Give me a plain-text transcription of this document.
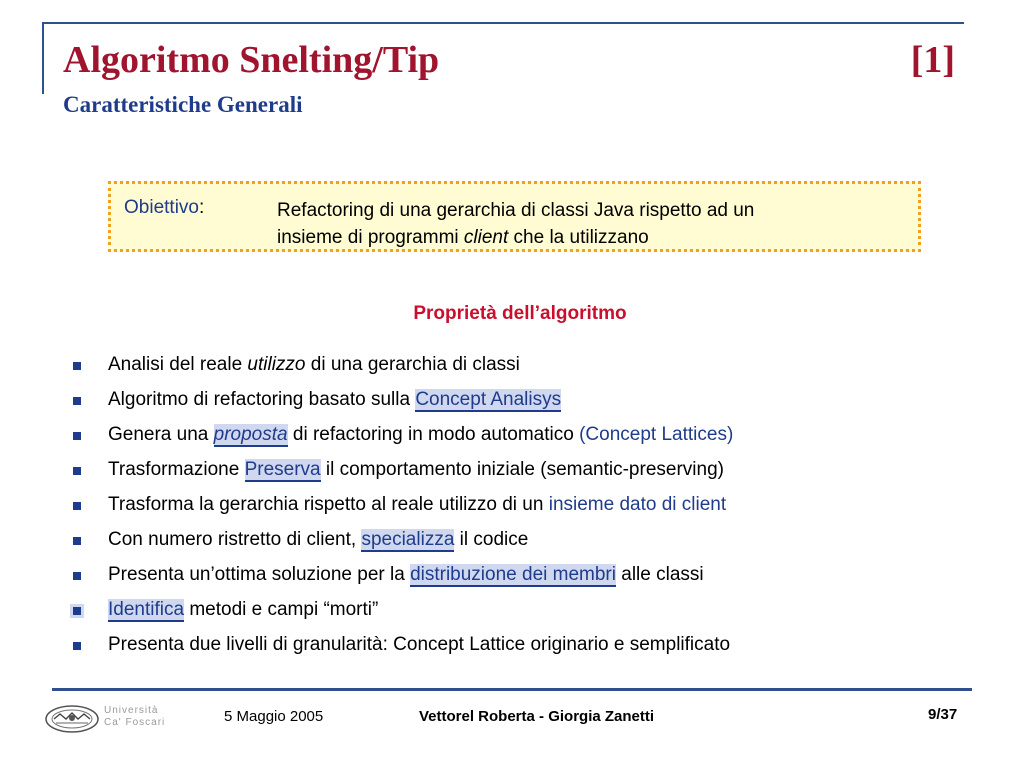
Algoritmo Snelting/Tip	[1]
Caratteristiche Generali
Obiettivo:	Refactoring di una gerarchia di classi Java rispetto ad un
insieme di programmi client che la utilizzano
Proprietà dell’algoritmo
Analisi del reale utilizzo di una gerarchia di classi
Algoritmo di refactoring basato sulla Concept Analisys
Genera una proposta di refactoring in modo automatico (Concept Lattices)
Trasformazione Preserva il comportamento iniziale (semantic-preserving)
Trasforma la gerarchia rispetto al reale utilizzo di un insieme dato di client
Con numero ristretto di client, specializza il codice
Presenta un’ottima soluzione per la distribuzione dei membri alle classi
Identifica metodi e campi “morti”
Presenta due livelli di granularità: Concept Lattice originario e semplificato
Università
Ca' Foscari	5 Maggio 2005	Vettorel Roberta - Giorgia Zanetti	9/37
